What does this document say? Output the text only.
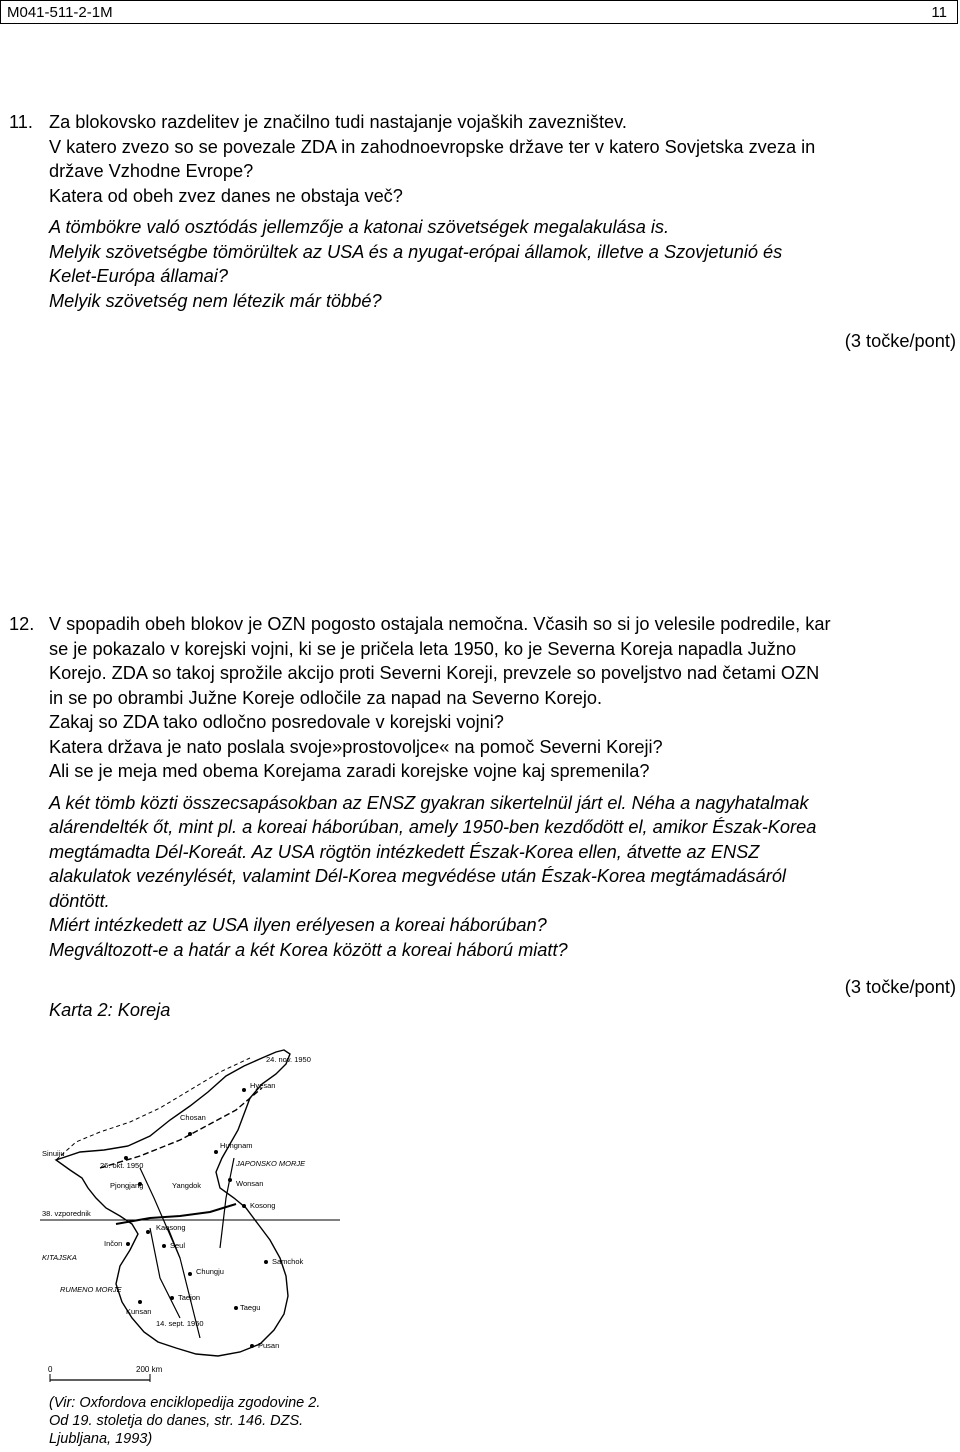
M041-511-2-1M	11
11. Za blokovsko razdelitev je značilno tudi nastajanje vojaških zavezništev.
V katero zvezo so se povezale ZDA in zahodnoevropske države ter v katero Sovjetska zveza in
države Vzhodne Evrope?
Katera od obeh zvez danes ne obstaja več?
A tömbökre való osztódás jellemzője a katonai szövetségek megalakulása is.
Melyik szövetségbe tömörültek az USA és a nyugat-erópai államok, illetve a Szovjetunió és
Kelet-Európa államai?
Melyik szövetség nem létezik már többé?
(3 točke/pont)
12. V spopadih obeh blokov je OZN pogosto ostajala nemočna. Včasih so si jo velesile podredile, kar
se je pokazalo v korejski vojni, ki se je pričela leta 1950, ko je Severna Koreja napadla Južno
Korejo. ZDA so takoj sprožile akcijo proti Severni Koreji, prevzele so poveljstvo nad četami OZN
in se po obrambi Južne Koreje odločile za napad na Severno Korejo.
Zakaj so ZDA tako odločno posredovale v korejski vojni?
Katera država je nato poslala svoje»prostovoljce« na pomoč Severni Koreji?
Ali se je meja med obema Korejama zaradi korejske vojne kaj spremenila?
A két tömb közti összecsapásokban az ENSZ gyakran sikertelnül járt el. Néha a nagyhatalmak
alárendelték őt, mint pl. a koreai háborúban, amely 1950-ben kezdődött el, amikor Észak-Korea
megtámadta Dél-Koreát. Az USA rögtön intézkedett Észak-Korea ellen, átvette az ENSZ
alakulatok vezénylését, valamint Dél-Korea megvédése után Észak-Korea megtámadásáról
döntött.
Miért intézkedett az USA ilyen erélyesen a koreai háborúban?
Megváltozott-e a határ a két Korea között a koreai háború miatt?
(3 točke/pont)
Karta 2: Koreja
24. nov. 1950
Hyesan
Chosan
Sinuiju
26. okt. 1950
Hungnam
JAPONSKO MORJE
Pjongjang	Wonsan
Yangdok
Kosong
38. vzporednik
Kaesong
Seul
Inčon
KITAJSKA	Samchok
Chungju
RUMENO MORJE
Taejon
Kunsan	Taegu
14. sept. 1950
Pusan
0	200 km
(Vir: Oxfordova enciklopedija zgodovine 2.
Od 19. stoletja do danes, str. 146. DZS.
Ljubljana, 1993)
